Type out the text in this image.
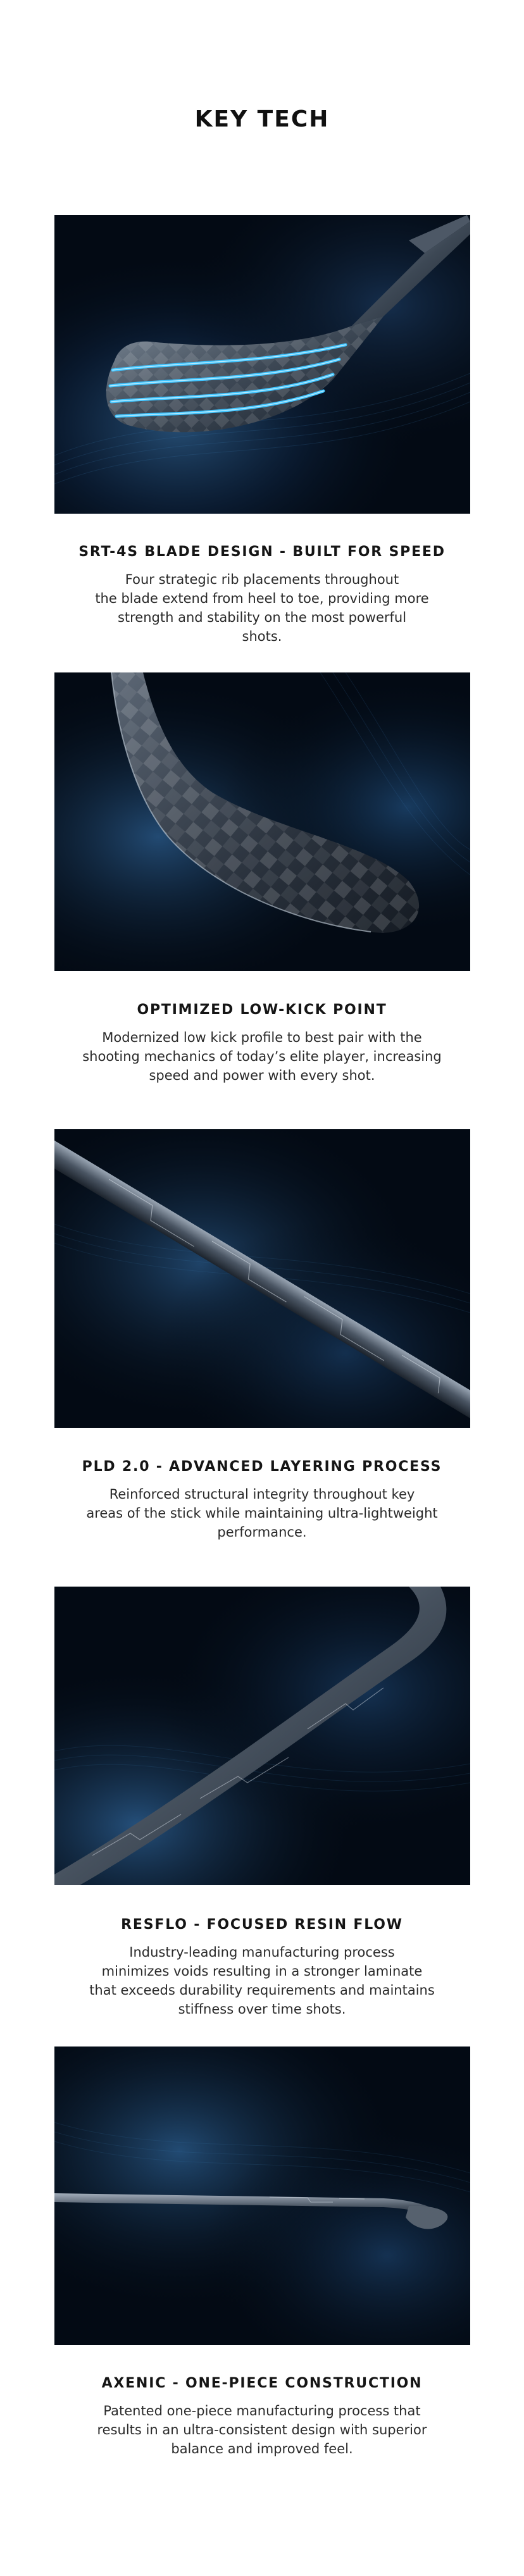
KEY TECH
SRT-4S BLADE DESIGN - BUILT FOR SPEED
Four strategic rib placements throughout
the blade extend from heel to toe, providing more
strength and stability on the most powerful
shots.
OPTIMIZED LOW-KICK POINT
Modernized low kick profile to best pair with the
shooting mechanics of today’s elite player, increasing
speed and power with every shot.
PLD 2.0 - ADVANCED LAYERING PROCESS
Reinforced structural integrity throughout key
areas of the stick while maintaining ultra-lightweight
performance.
RESFLO - FOCUSED RESIN FLOW
Industry-leading manufacturing process
minimizes voids resulting in a stronger laminate
that exceeds durability requirements and maintains
stiffness over time shots.
AXENIC - ONE-PIECE CONSTRUCTION
Patented one-piece manufacturing process that
results in an ultra-consistent design with superior
balance and improved feel.
